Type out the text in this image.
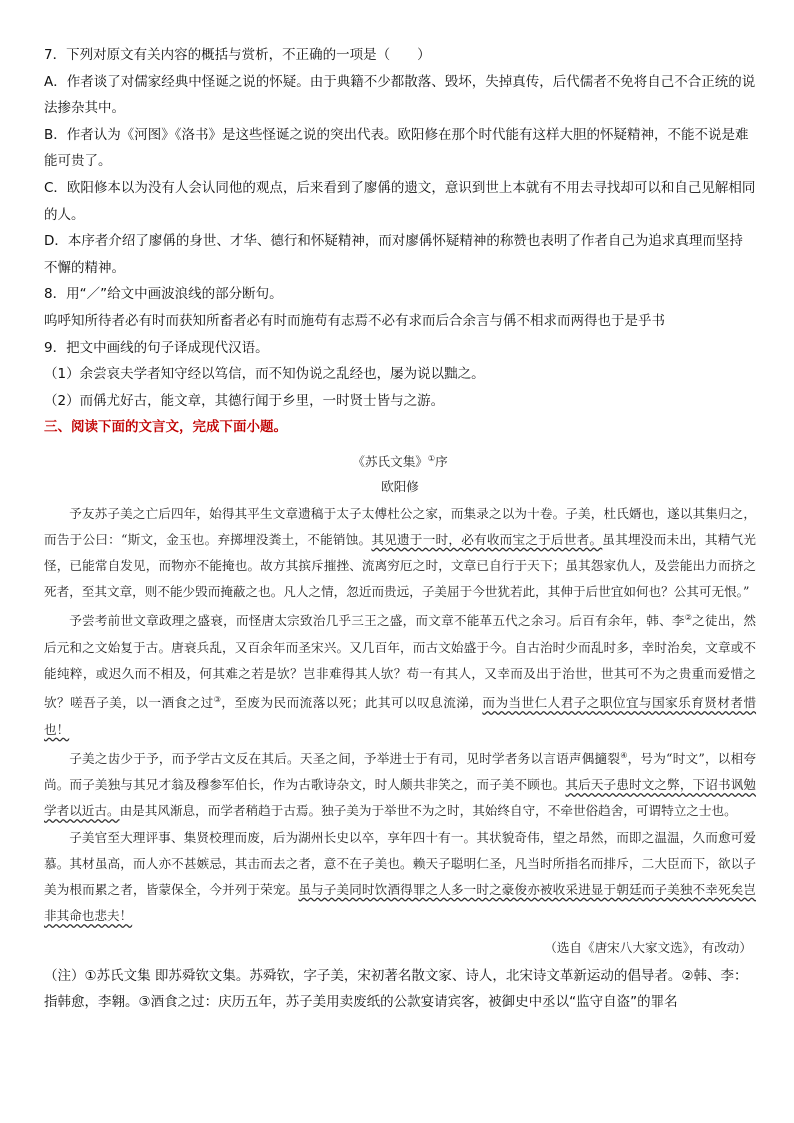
7．下列对原文有关内容的概括与赏析，不正确的一项是（　　）

A．作者谈了对儒家经典中怪诞之说的怀疑。由于典籍不少都散落、毁坏，失掉真传，后代儒者不免将自己不合正统的说法掺杂其中。

B．作者认为《河图》《洛书》是这些怪诞之说的突出代表。欧阳修在那个时代能有这样大胆的怀疑精神，不能不说是难能可贵了。

C．欧阳修本以为没有人会认同他的观点，后来看到了廖偁的遗文，意识到世上本就有不用去寻找却可以和自己见解相同的人。

D．本序者介绍了廖偁的身世、才华、德行和怀疑精神，而对廖偁怀疑精神的称赞也表明了作者自己为追求真理而坚持不懈的精神。

8．用“／”给文中画波浪线的部分断句。

呜呼知所待者必有时而获知所畜者必有时而施苟有志焉不必有求而后合余言与偁不相求而两得也于是乎书

9．把文中画线的句子译成现代汉语。

（1）余尝哀夫学者知守经以笃信，而不知伪说之乱经也，屡为说以黜之。

（2）而偁尤好古，能文章，其德行闻于乡里，一时贤士皆与之游。

三、阅读下面的文言文，完成下面小题。

《苏氏文集》①序

欧阳修

予友苏子美之亡后四年，始得其平生文章遗稿于太子太傅杜公之家，而集录之以为十卷。子美，杜氏婿也，遂以其集归之，而告于公曰：“斯文，金玉也。弃掷埋没粪土，不能销蚀。其见遗于一时，必有收而宝之于后世者。虽其埋没而未出，其精气光怪，已能常自发见，而物亦不能掩也。故方其摈斥摧挫、流离穷厄之时，文章已自行于天下；虽其怨家仇人，及尝能出力而挤之死者，至其文章，则不能少毁而掩蔽之也。凡人之情，忽近而贵远，子美屈于今世犹若此，其伸于后世宜如何也？公其可无恨。”

予尝考前世文章政理之盛衰，而怪唐太宗致治几乎三王之盛，而文章不能革五代之余习。后百有余年，韩、李②之徒出，然后元和之文始复于古。唐衰兵乱，又百余年而圣宋兴。又几百年，而古文始盛于今。自古治时少而乱时多，幸时治矣，文章或不能纯粹，或迟久而不相及，何其难之若是欤？岂非难得其人欤？苟一有其人，又幸而及出于治世，世其可不为之贵重而爱惜之欤？嗟吾子美，以一酒食之过③，至废为民而流落以死；此其可以叹息流涕，而为当世仁人君子之职位宜与国家乐育贤材者惜也！

子美之齿少于予，而予学古文反在其后。天圣之间，予举进士于有司，见时学者务以言语声偶擿裂④，号为“时文”，以相夸尚。而子美独与其兄才翁及穆参军伯长，作为古歌诗杂文，时人颇共非笑之，而子美不顾也。其后天子患时文之弊，下诏书讽勉学者以近古。由是其风渐息，而学者稍趋于古焉。独子美为于举世不为之时，其始终自守，不牵世俗趋舍，可谓特立之士也。

子美官至大理评事、集贤校理而废，后为湖州长史以卒，享年四十有一。其状貌奇伟，望之昂然，而即之温温，久而愈可爱慕。其材虽高，而人亦不甚嫉忌，其击而去之者，意不在子美也。赖天子聪明仁圣，凡当时所指名而排斥，二大臣而下，欲以子美为根而累之者，皆蒙保全，今并列于荣宠。虽与子美同时饮酒得罪之人多一时之豪俊亦被收采进显于朝廷而子美独不幸死矣岂非其命也悲夫！

（选自《唐宋八大家文选》，有改动）

（注）①苏氏文集 即苏舜钦文集。苏舜钦，字子美，宋初著名散文家、诗人，北宋诗文革新运动的倡导者。②韩、李：指韩愈，李翱。③酒食之过：庆历五年，苏子美用卖废纸的公款宴请宾客，被御史中丞以“监守自盗”的罪名
